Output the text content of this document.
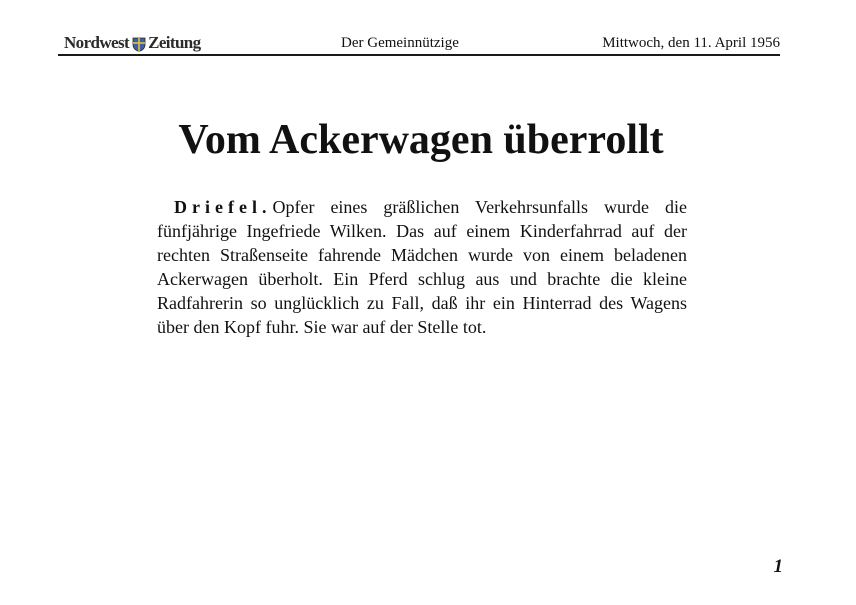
Nordwest Zeitung	Der Gemeinnützige	Mittwoch, den 11. April 1956
Vom Ackerwagen überrollt

Driefel. Opfer eines gräßlichen Verkehrsunfalls wurde die fünfjährige Ingefriede Wilken. Das auf einem Kinderfahrrad auf der rechten Straßenseite fahrende Mädchen wurde von einem beladenen Ackerwagen überholt. Ein Pferd schlug aus und brachte die kleine Radfahrerin so unglücklich zu Fall, daß ihr ein Hinterrad des Wagens über den Kopf fuhr. Sie war auf der Stelle tot.

1
